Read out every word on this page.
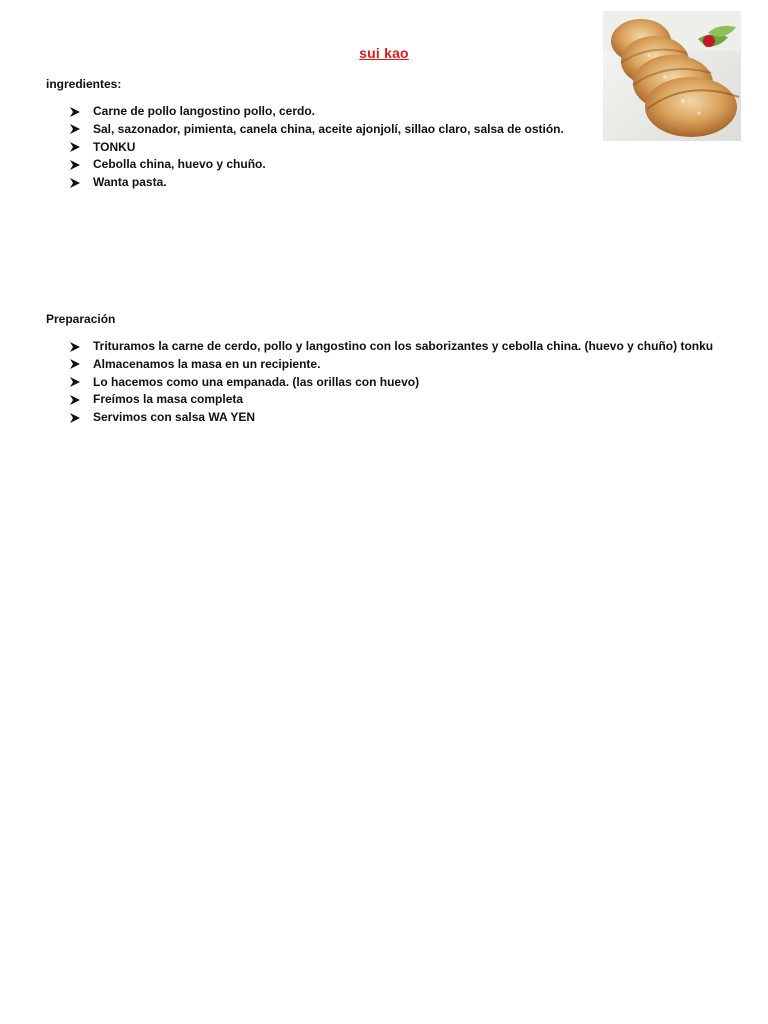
sui kao
ingredientes:
Carne de pollo langostino pollo, cerdo.
Sal, sazonador, pimienta, canela china, aceite ajonjolí, sillao claro, salsa de ostión.
TONKU
Cebolla china, huevo y chuño.
Wanta pasta.
Preparación
Trituramos la carne de cerdo, pollo y langostino con los saborizantes y cebolla china. (huevo y chuño) tonku
Almacenamos la masa en un recipiente.
Lo hacemos como una empanada. (las orillas con huevo)
Freímos la masa completa
Servimos con salsa WA YEN
